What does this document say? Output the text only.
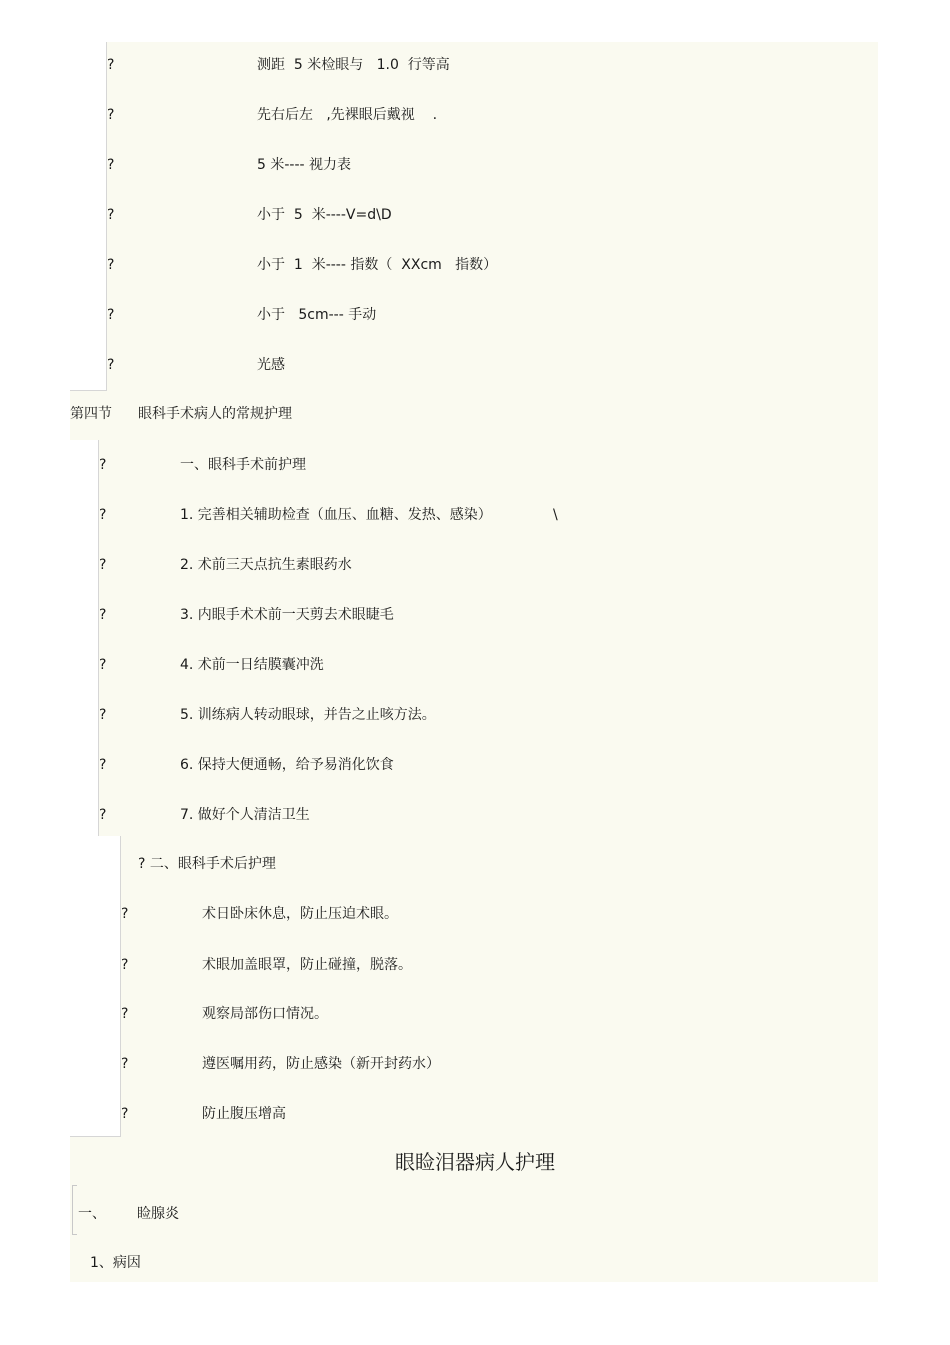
?	测距  5 米检眼与   1.0  行等高
?	先右后左   ,先裸眼后戴视    .
?	5 米---- 视力表
?	小于  5  米----V=d\D
?	小于  1  米---- 指数（  XXcm   指数）
?	小于   5cm--- 手动
?	光感
第四节 眼科手术病人的常规护理
?	一、眼科手术前护理
?	1. 完善相关辅助检查（血压、血糖、发热、感染）	\
?	2. 术前三天点抗生素眼药水
?	3. 内眼手术术前一天剪去术眼睫毛
?	4. 术前一日结膜囊冲洗
?	5. 训练病人转动眼球，并告之止咳方法。
?	6. 保持大便通畅，给予易消化饮食
?	7. 做好个人清洁卫生
? 二、眼科手术后护理
?	术日卧床休息，防止压迫术眼。
?	术眼加盖眼罩，防止碰撞，脱落。
?	观察局部伤口情况。
?	遵医嘱用药，防止感染（新开封药水）
?	防止腹压增高
眼睑泪器病人护理
一、 睑腺炎
1、病因
